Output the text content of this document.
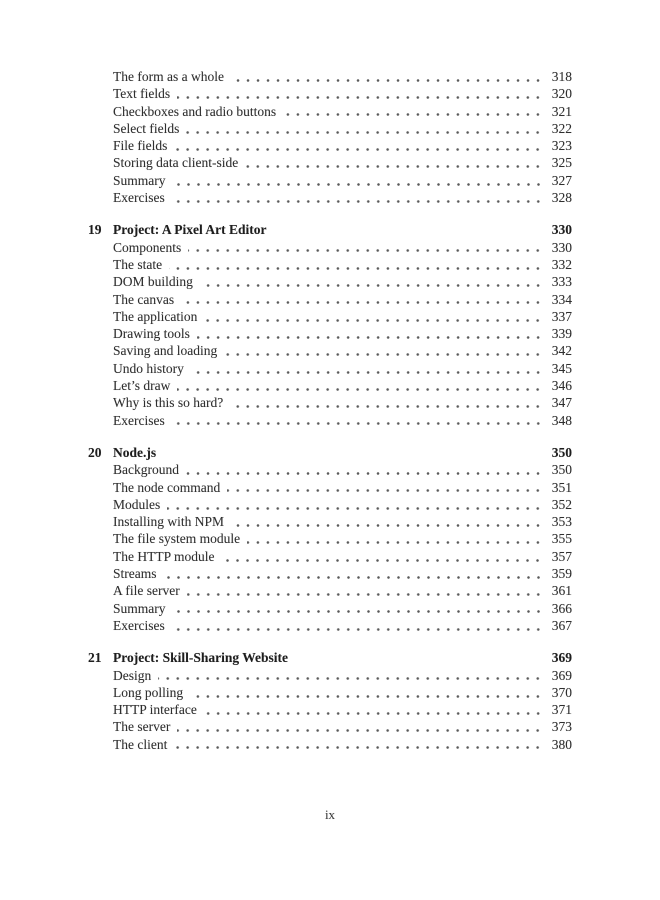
The form as a whole	318
Text fields	320
Checkboxes and radio buttons	321
Select fields	322
File fields	323
Storing data client-side	325
Summary	327
Exercises	328
19 Project: A Pixel Art Editor	330
Components	330
The state	332
DOM building	333
The canvas	334
The application	337
Drawing tools	339
Saving and loading	342
Undo history	345
Let’s draw	346
Why is this so hard?	347
Exercises	348
20 Node.js	350
Background	350
The node command	351
Modules	352
Installing with NPM	353
The file system module	355
The HTTP module	357
Streams	359
A file server	361
Summary	366
Exercises	367
21 Project: Skill-Sharing Website	369
Design	369
Long polling	370
HTTP interface	371
The server	373
The client	380
ix
